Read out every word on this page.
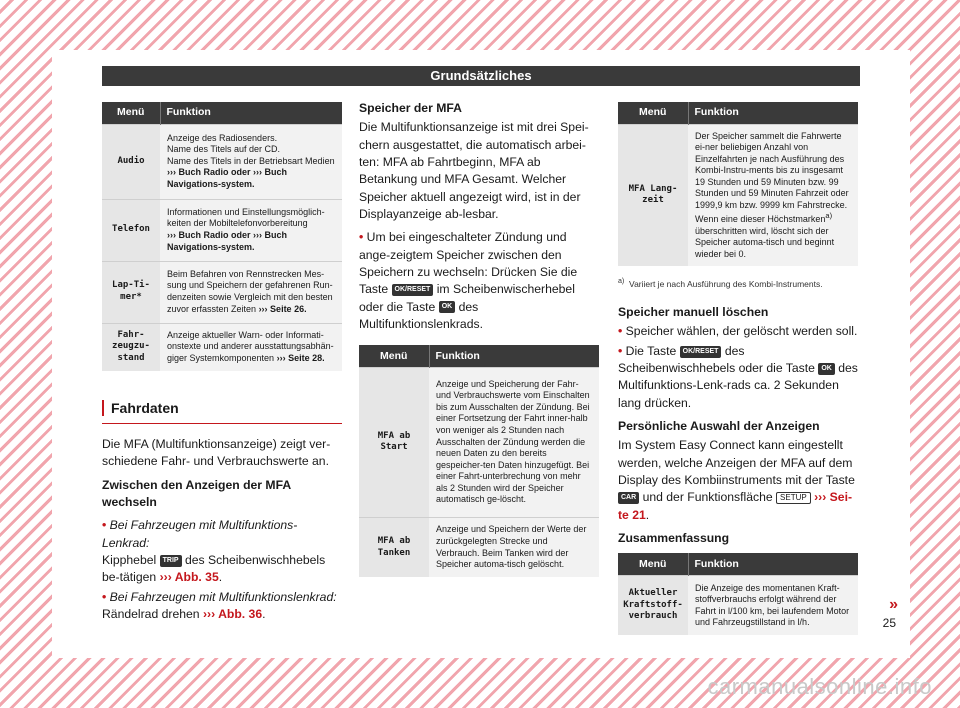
Grundsätzliches
Menü	Funktion
Audio	Anzeige des Radiosenders.
Name des Titels auf der CD.
Name des Titels in der Betriebsart Medien
››› Buch Radio oder ››› Buch Navigations-system.
Telefon	Informationen und Einstellungsmöglich-keiten der Mobiltelefonvorbereitung
››› Buch Radio oder ››› Buch Navigations-system.
Lap-Ti-mer*	Beim Befahren von Rennstrecken Mes-sung und Speichern der gefahrenen Run-denzeiten sowie Vergleich mit den besten zuvor erfassten Zeiten ››› Seite 26.
Fahr-zeugzu-stand	Anzeige aktueller Warn- oder Informati-onstexte und anderer ausstattungsabhän-giger Systemkomponenten ››› Seite 28.
Fahrdaten

Die MFA (Multifunktionsanzeige) zeigt ver-schiedene Fahr- und Verbrauchswerte an.

Zwischen den Anzeigen der MFA wechseln

• Bei Fahrzeugen mit Multifunktions-Lenkrad:
Kipphebel TRIP des Scheibenwischhebels be-tätigen ››› Abb. 35.

• Bei Fahrzeugen mit Multifunktionslenkrad:
Rändelrad drehen ››› Abb. 36.

Speicher der MFA

Die Multifunktionsanzeige ist mit drei Spei-chern ausgestattet, die automatisch arbei-ten: MFA ab Fahrtbeginn, MFA ab Betankung und MFA Gesamt. Welcher Speicher aktuell angezeigt wird, ist in der Displayanzeige ab-lesbar.

• Um bei eingeschalteter Zündung und ange-zeigtem Speicher zwischen den Speichern zu wechseln: Drücken Sie die Taste OK/RESET im Scheibenwischerhebel oder die Taste OK des Multifunktionslenkrads.

Menü	Funktion
MFA ab Start	Anzeige und Speicherung der Fahr- und Verbrauchswerte vom Einschalten bis zum Ausschalten der Zündung. Bei einer Fortsetzung der Fahrt inner-halb von weniger als 2 Stunden nach Ausschalten der Zündung werden die neuen Daten zu den bereits gespeicher-ten Daten hinzugefügt. Bei einer Fahrt-unterbrechung von mehr als 2 Stunden wird der Speicher automatisch ge-löscht.
MFA ab Tanken	Anzeige und Speichern der Werte der zurückgelegten Strecke und Verbrauch. Beim Tanken wird der Speicher automa-tisch gelöscht.
Menü	Funktion
MFA Lang-zeit	Der Speicher sammelt die Fahrwerte ei-ner beliebigen Anzahl von Einzelfahrten je nach Ausführung des Kombi-Instru-ments bis zu insgesamt 19 Stunden und 59 Minuten bzw. 99 Stunden und 59 Minuten Fahrzeit oder 1999,9 km bzw. 9999 km Fahrstrecke. Wenn eine dieser Höchstmarken$^{a)}$ überschritten wird, löscht sich der Speicher automa-tisch und beginnt wieder bei 0.

$^{a)}$ Variiert je nach Ausführung des Kombi-Instruments.

Speicher manuell löschen

• Speicher wählen, der gelöscht werden soll.

• Die Taste OK/RESET des Scheibenwischhebels oder die Taste OK des Multifunktions-Lenk-rads ca. 2 Sekunden lang drücken.

Persönliche Auswahl der Anzeigen

Im System Easy Connect kann eingestellt werden, welche Anzeigen der MFA auf dem Display des Kombiinstruments mit der Taste CAR und der Funktionsfläche SETUP ››› Sei-te 21.

Zusammenfassung

Menü	Funktion
Aktueller Kraftstoff-verbrauch	Die Anzeige des momentanen Kraft-stoffverbrauchs erfolgt während der Fahrt in l/100 km, bei laufendem Motor und Fahrzeugstillstand in l/h.
»
25
carmanualsonline.info
